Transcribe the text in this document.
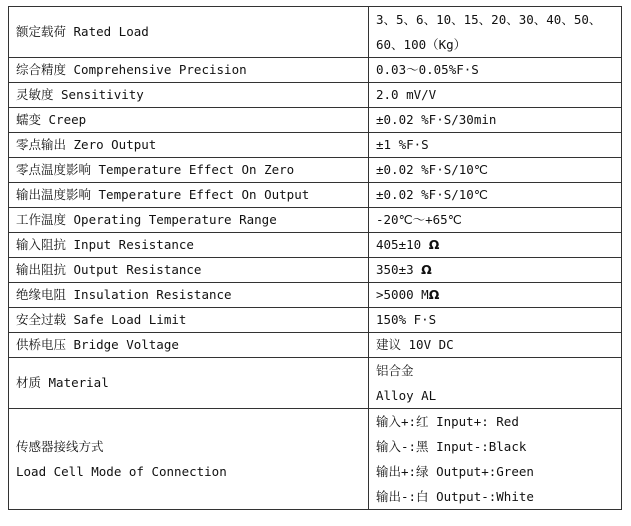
额定载荷 Rated Load	3、5、6、10、15、20、30、40、50、
60、100（Kg）

综合精度 Comprehensive Precision	0.03～0.05%F·S

灵敏度 Sensitivity	2.0 mV/V

蠕变 Creep	±0.02 %F·S/30min

零点输出 Zero Output	±1 %F·S

零点温度影响 Temperature Effect On Zero	±0.02 %F·S/10℃

输出温度影响 Temperature Effect On Output	±0.02 %F·S/10℃

工作温度 Operating Temperature Range	-20℃～+65℃

输入阻抗 Input Resistance	405±10 Ω

输出阻抗 Output Resistance	350±3 Ω

绝缘电阻 Insulation Resistance	>5000 MΩ

安全过载 Safe Load Limit	150% F·S

供桥电压 Bridge Voltage	建议 10V DC

材质 Material	铝合金
Alloy AL

传感器接线方式
Load Cell Mode of Connection	输入+:红 Input+: Red
输入-:黑 Input-:Black
输出+:绿 Output+:Green
输出-:白 Output-:White
